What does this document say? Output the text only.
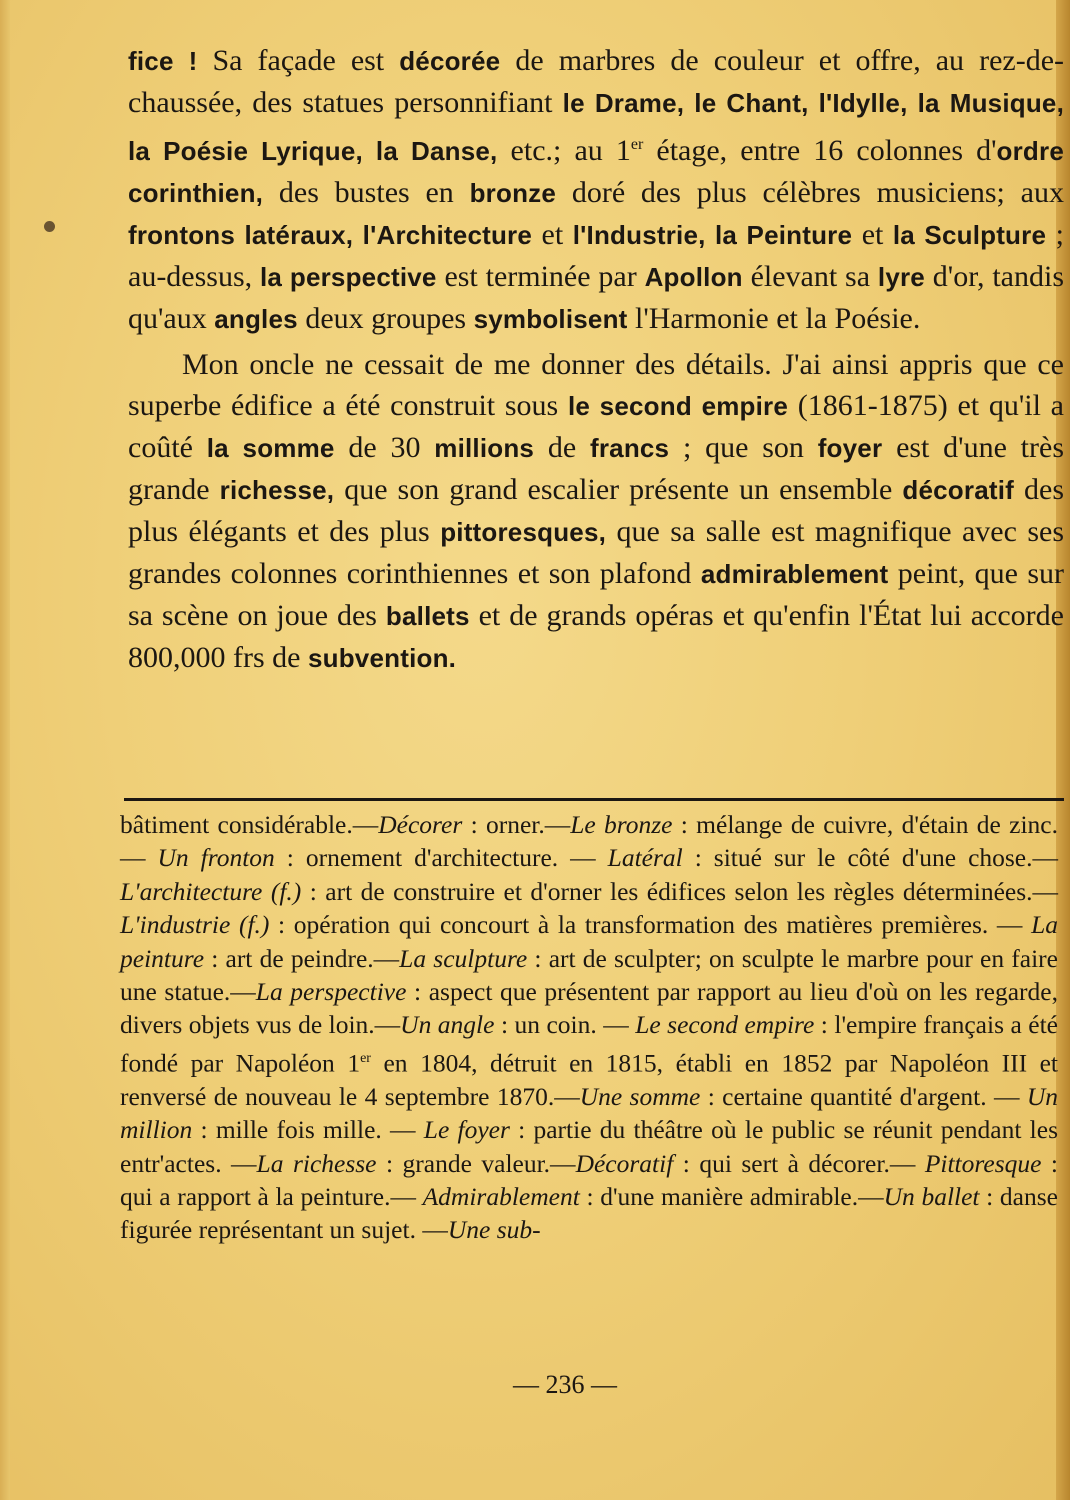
fice ! Sa façade est décorée de marbres de couleur et offre, au rez-de-chaussée, des statues personnifiant le Drame, le Chant, l'Idylle, la Musique, la Poésie Lyrique, la Danse, etc.; au 1er étage, entre 16 colonnes d'ordre corinthien, des bustes en bronze doré des plus célèbres musiciens; aux frontons latéraux, l'Architecture et l'Industrie, la Peinture et la Sculpture ; au-dessus, la perspective est terminée par Apollon élevant sa lyre d'or, tandis qu'aux angles deux groupes symbolisent l'Harmonie et la Poésie.

Mon oncle ne cessait de me donner des détails. J'ai ainsi appris que ce superbe édifice a été construit sous le second empire (1861-1875) et qu'il a coûté la somme de 30 millions de francs ; que son foyer est d'une très grande richesse, que son grand escalier présente un ensemble décoratif des plus élégants et des plus pittoresques, que sa salle est magnifique avec ses grandes colonnes corinthiennes et son plafond admirablement peint, que sur sa scène on joue des ballets et de grands opéras et qu'enfin l'État lui accorde 800,000 frs de subvention.

bâtiment considérable.—Décorer : orner.—Le bronze : mélange de cuivre, d'étain de zinc. — Un fronton : ornement d'architecture. — Latéral : situé sur le côté d'une chose.—L'architecture (f.) : art de construire et d'orner les édifices selon les règles déterminées.—L'industrie (f.) : opération qui concourt à la transformation des matières premières. — La peinture : art de peindre.—La sculpture : art de sculpter; on sculpte le marbre pour en faire une statue.—La perspective : aspect que présentent par rapport au lieu d'où on les regarde, divers objets vus de loin.—Un angle : un coin. — Le second empire : l'empire français a été fondé par Napoléon 1er en 1804, détruit en 1815, établi en 1852 par Napoléon III et renversé de nouveau le 4 septembre 1870.—Une somme : certaine quantité d'argent. — Un million : mille fois mille. — Le foyer : partie du théâtre où le public se réunit pendant les entr'actes. —La richesse : grande valeur.—Décoratif : qui sert à décorer.— Pittoresque : qui a rapport à la peinture.— Admirablement : d'une manière admirable.—Un ballet : danse figurée représentant un sujet. —Une sub-

— 236 —
